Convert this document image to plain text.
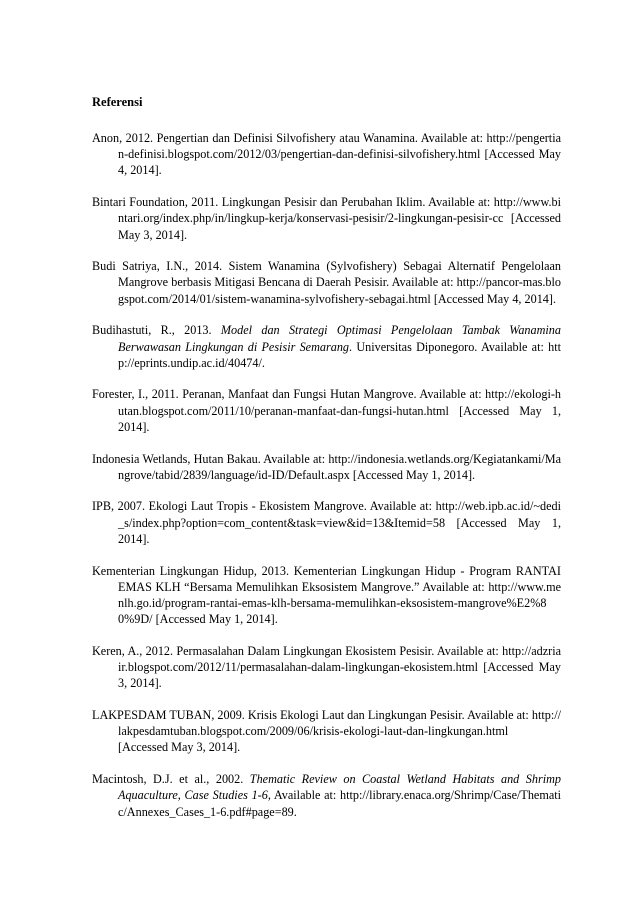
Referensi
Anon, 2012. Pengertian dan Definisi Silvofishery atau Wanamina. Available at: http://pengertian-definisi.blogspot.com/2012/03/pengertian-dan-definisi-silvofishery.html [Accessed May 4, 2014].
Bintari Foundation, 2011. Lingkungan Pesisir dan Perubahan Iklim. Available at: http://www.bintari.org/index.php/in/lingkup-kerja/konservasi-pesisir/2-lingkungan-pesisir-cc [Accessed May 3, 2014].
Budi Satriya, I.N., 2014. Sistem Wanamina (Sylvofishery) Sebagai Alternatif Pengelolaan Mangrove berbasis Mitigasi Bencana di Daerah Pesisir. Available at: http://pancor-mas.blogspot.com/2014/01/sistem-wanamina-sylvofishery-sebagai.html [Accessed May 4, 2014].
Budihastuti, R., 2013. Model dan Strategi Optimasi Pengelolaan Tambak Wanamina Berwawasan Lingkungan di Pesisir Semarang. Universitas Diponegoro. Available at: http://eprints.undip.ac.id/40474/.
Forester, I., 2011. Peranan, Manfaat dan Fungsi Hutan Mangrove. Available at: http://ekologi-hutan.blogspot.com/2011/10/peranan-manfaat-dan-fungsi-hutan.html [Accessed May 1, 2014].
Indonesia Wetlands, Hutan Bakau. Available at: http://indonesia.wetlands.org/Kegiatankami/Mangrove/tabid/2839/language/id-ID/Default.aspx [Accessed May 1, 2014].
IPB, 2007. Ekologi Laut Tropis - Ekosistem Mangrove. Available at: http://web.ipb.ac.id/~dedi_s/index.php?option=com_content&task=view&id=13&Itemid=58 [Accessed May 1, 2014].
Kementerian Lingkungan Hidup, 2013. Kementerian Lingkungan Hidup - Program RANTAI EMAS KLH “Bersama Memulihkan Eksosistem Mangrove.” Available at: http://www.menlh.go.id/program-rantai-emas-klh-bersama-memulihkan-eksosistem-mangrove%E2%80%9D/ [Accessed May 1, 2014].
Keren, A., 2012. Permasalahan Dalam Lingkungan Ekosistem Pesisir. Available at: http://adzriair.blogspot.com/2012/11/permasalahan-dalam-lingkungan-ekosistem.html [Accessed May 3, 2014].
LAKPESDAM TUBAN, 2009. Krisis Ekologi Laut dan Lingkungan Pesisir. Available at: http://lakpesdamtuban.blogspot.com/2009/06/krisis-ekologi-laut-dan-lingkungan.html [Accessed May 3, 2014].
Macintosh, D.J. et al., 2002. Thematic Review on Coastal Wetland Habitats and Shrimp Aquaculture, Case Studies 1-6, Available at: http://library.enaca.org/Shrimp/Case/Thematic/Annexes_Cases_1-6.pdf#page=89.
